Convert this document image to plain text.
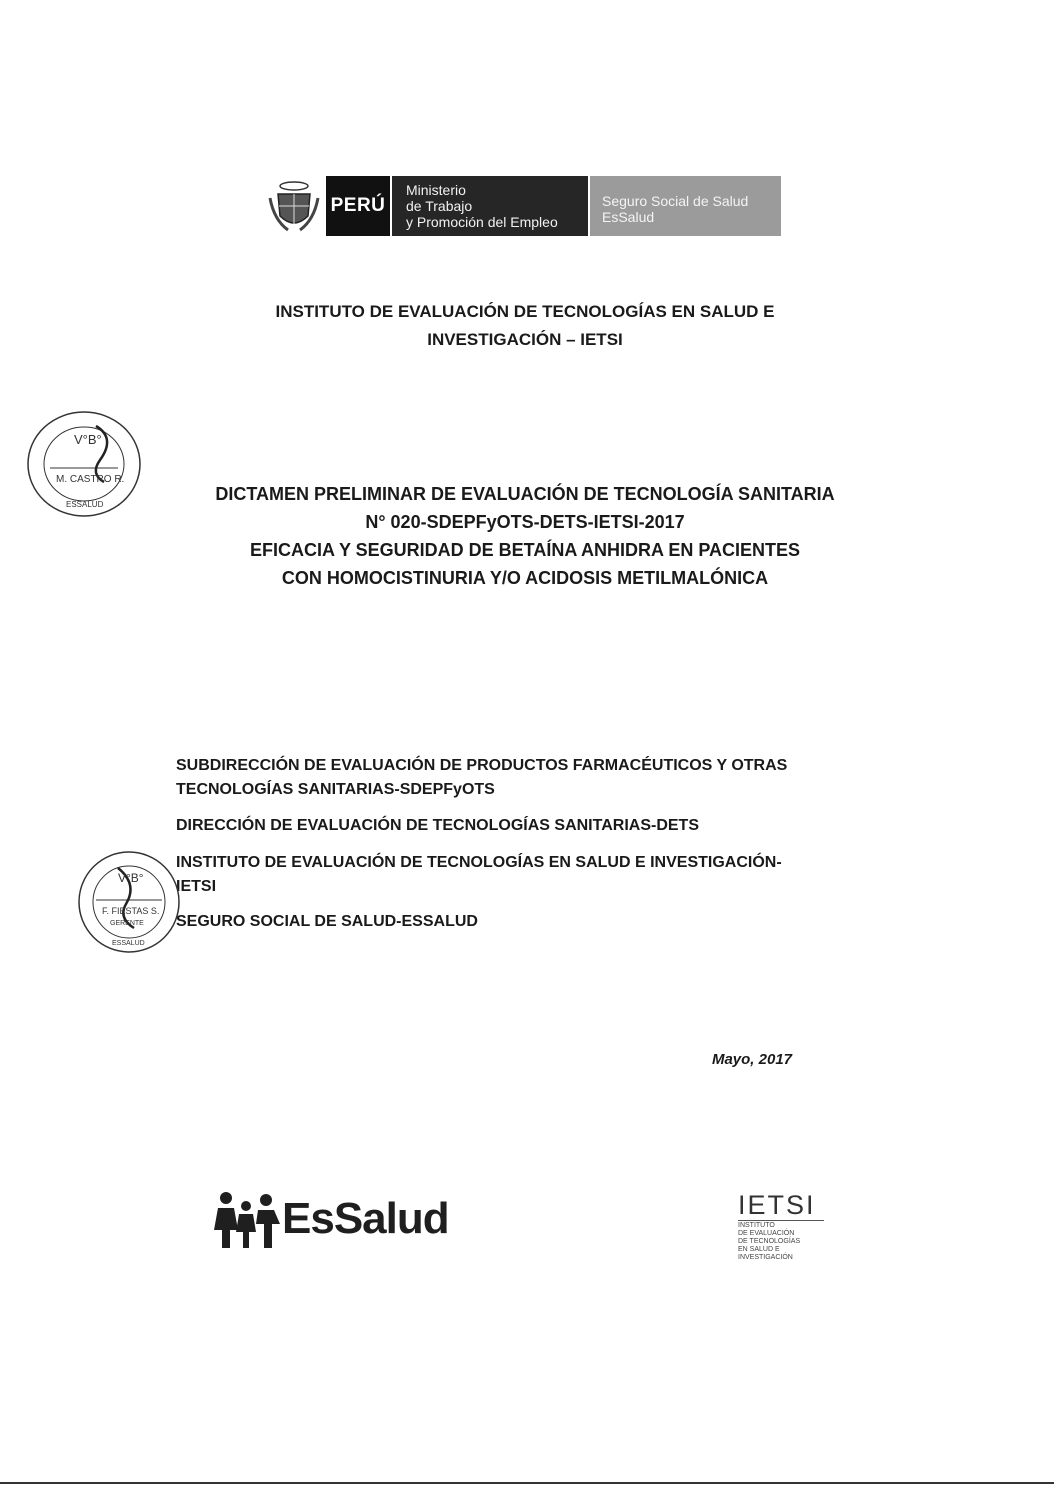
PERÚ
Ministerio
de Trabajo
y Promoción del Empleo
Seguro Social de Salud
EsSalud
INSTITUTO DE EVALUACIÓN DE TECNOLOGÍAS EN SALUD E
INVESTIGACIÓN – IETSI
V°B°
M. CASTRO R.
ESSALUD
DICTAMEN PRELIMINAR DE EVALUACIÓN DE TECNOLOGÍA SANITARIA
N° 020-SDEPFyOTS-DETS-IETSI-2017
EFICACIA Y SEGURIDAD DE BETAÍNA ANHIDRA EN PACIENTES
CON HOMOCISTINURIA Y/O ACIDOSIS METILMALÓNICA
SUBDIRECCIÓN DE EVALUACIÓN DE PRODUCTOS FARMACÉUTICOS Y OTRAS
TECNOLOGÍAS SANITARIAS-SDEPFyOTS
DIRECCIÓN DE EVALUACIÓN DE TECNOLOGÍAS SANITARIAS-DETS
INSTITUTO DE EVALUACIÓN DE TECNOLOGÍAS EN SALUD E INVESTIGACIÓN-
IETSI
SEGURO SOCIAL DE SALUD-ESSALUD
V°B°
F. FIESTAS S.
GERENTE
ESSALUD
Mayo, 2017
EsSalud	IETSI
INSTITUTO
DE EVALUACIÓN
DE TECNOLOGÍAS
EN SALUD E
INVESTIGACIÓN
